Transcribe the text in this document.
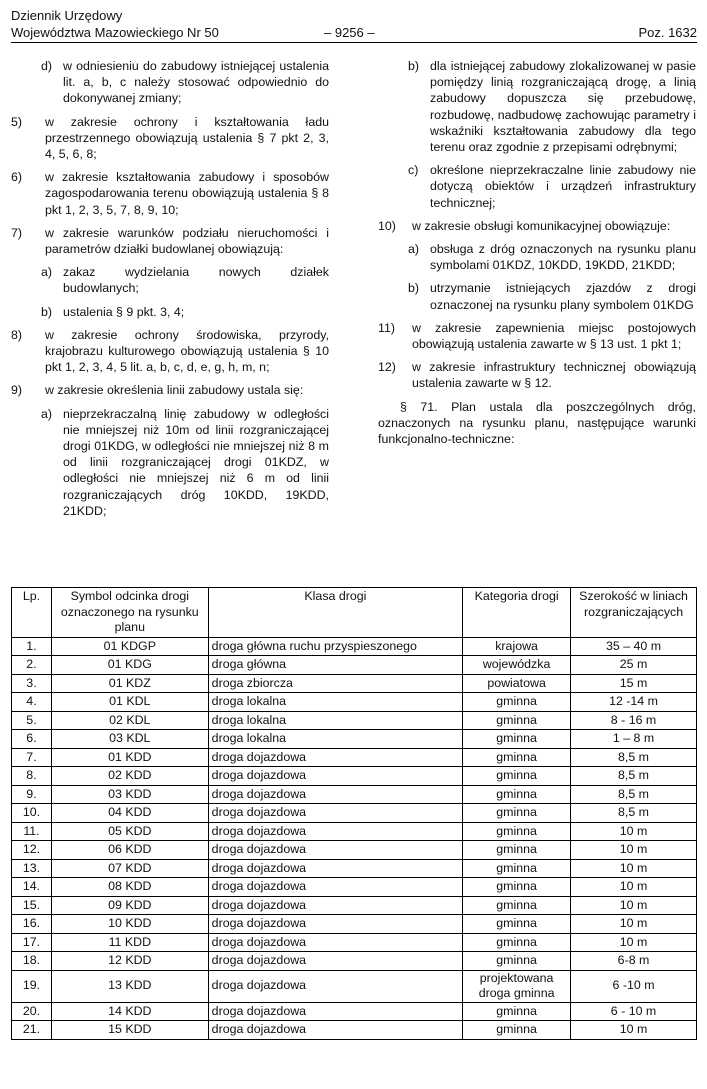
Dziennik Urzędowy
Województwa Mazowieckiego Nr 50	– 9256 –	Poz. 1632
d) w odniesieniu do zabudowy istniejącej ustalenia lit. a, b, c należy stosować odpowiednio do dokonywanej zmiany;
5) w zakresie ochrony i kształtowania ładu przestrzennego obowiązują ustalenia § 7 pkt 2, 3, 4, 5, 6, 8;
6) w zakresie kształtowania zabudowy i sposobów zagospodarowania terenu obowiązują ustalenia § 8 pkt 1, 2, 3, 5, 7, 8, 9, 10;
7) w zakresie warunków podziału nieruchomości i parametrów działki budowlanej obowiązują:
a) zakaz wydzielania nowych działek budowlanych;
b) ustalenia § 9 pkt. 3, 4;
8) w zakresie ochrony środowiska, przyrody, krajobrazu kulturowego obowiązują ustalenia § 10 pkt 1, 2, 3, 4, 5 lit. a, b, c, d, e, g, h, m, n;
9) w zakresie określenia linii zabudowy ustala się:
a) nieprzekraczalną linię zabudowy w odległości nie mniejszej niż 10m od linii rozgraniczającej drogi 01KDG, w odległości nie mniejszej niż 8 m od linii rozgraniczającej drogi 01KDZ, w odległości nie mniejszej niż 6 m od linii rozgraniczających dróg 10KDD, 19KDD, 21KDD;
b) dla istniejącej zabudowy zlokalizowanej w pasie pomiędzy linią rozgraniczającą drogę, a linią zabudowy dopuszcza się przebudowę, rozbudowę, nadbudowę zachowując parametry i wskaźniki kształtowania zabudowy dla tego terenu oraz zgodnie z przepisami odrębnymi;
c) określone nieprzekraczalne linie zabudowy nie dotyczą obiektów i urządzeń infrastruktury technicznej;
10) w zakresie obsługi komunikacyjnej obowiązuje:
a) obsługa z dróg oznaczonych na rysunku planu symbolami 01KDZ, 10KDD, 19KDD, 21KDD;
b) utrzymanie istniejących zjazdów z drogi oznaczonej na rysunku plany symbolem 01KDG
11) w zakresie zapewnienia miejsc postojowych obowiązują ustalenia zawarte w § 13 ust. 1 pkt 1;
12) w zakresie infrastruktury technicznej obowiązują ustalenia zawarte w § 12.
§ 71. Plan ustala dla poszczególnych dróg, oznaczonych na rysunku planu, następujące warunki funkcjonalno-techniczne:
Lp.	Symbol odcinka drogi oznaczonego na rysunku planu	Klasa drogi	Kategoria drogi	Szerokość w liniach rozgraniczających
1.	01 KDGP	droga główna ruchu przyspieszonego	krajowa	35 – 40 m
2.	01 KDG	droga główna	wojewódzka	25 m
3.	01 KDZ	droga zbiorcza	powiatowa	15 m
4.	01 KDL	droga lokalna	gminna	12 -14 m
5.	02 KDL	droga lokalna	gminna	8 - 16 m
6.	03 KDL	droga lokalna	gminna	1 – 8 m
7.	01 KDD	droga dojazdowa	gminna	8,5 m
8.	02 KDD	droga dojazdowa	gminna	8,5 m
9.	03 KDD	droga dojazdowa	gminna	8,5 m
10.	04 KDD	droga dojazdowa	gminna	8,5 m
11.	05 KDD	droga dojazdowa	gminna	10 m
12.	06 KDD	droga dojazdowa	gminna	10 m
13.	07 KDD	droga dojazdowa	gminna	10 m
14.	08 KDD	droga dojazdowa	gminna	10 m
15.	09 KDD	droga dojazdowa	gminna	10 m
16.	10 KDD	droga dojazdowa	gminna	10 m
17.	11 KDD	droga dojazdowa	gminna	10 m
18.	12 KDD	droga dojazdowa	gminna	6-8 m
19.	13 KDD	droga dojazdowa	projektowana droga gminna	6 -10 m
20.	14 KDD	droga dojazdowa	gminna	6 - 10 m
21.	15 KDD	droga dojazdowa	gminna	10 m
